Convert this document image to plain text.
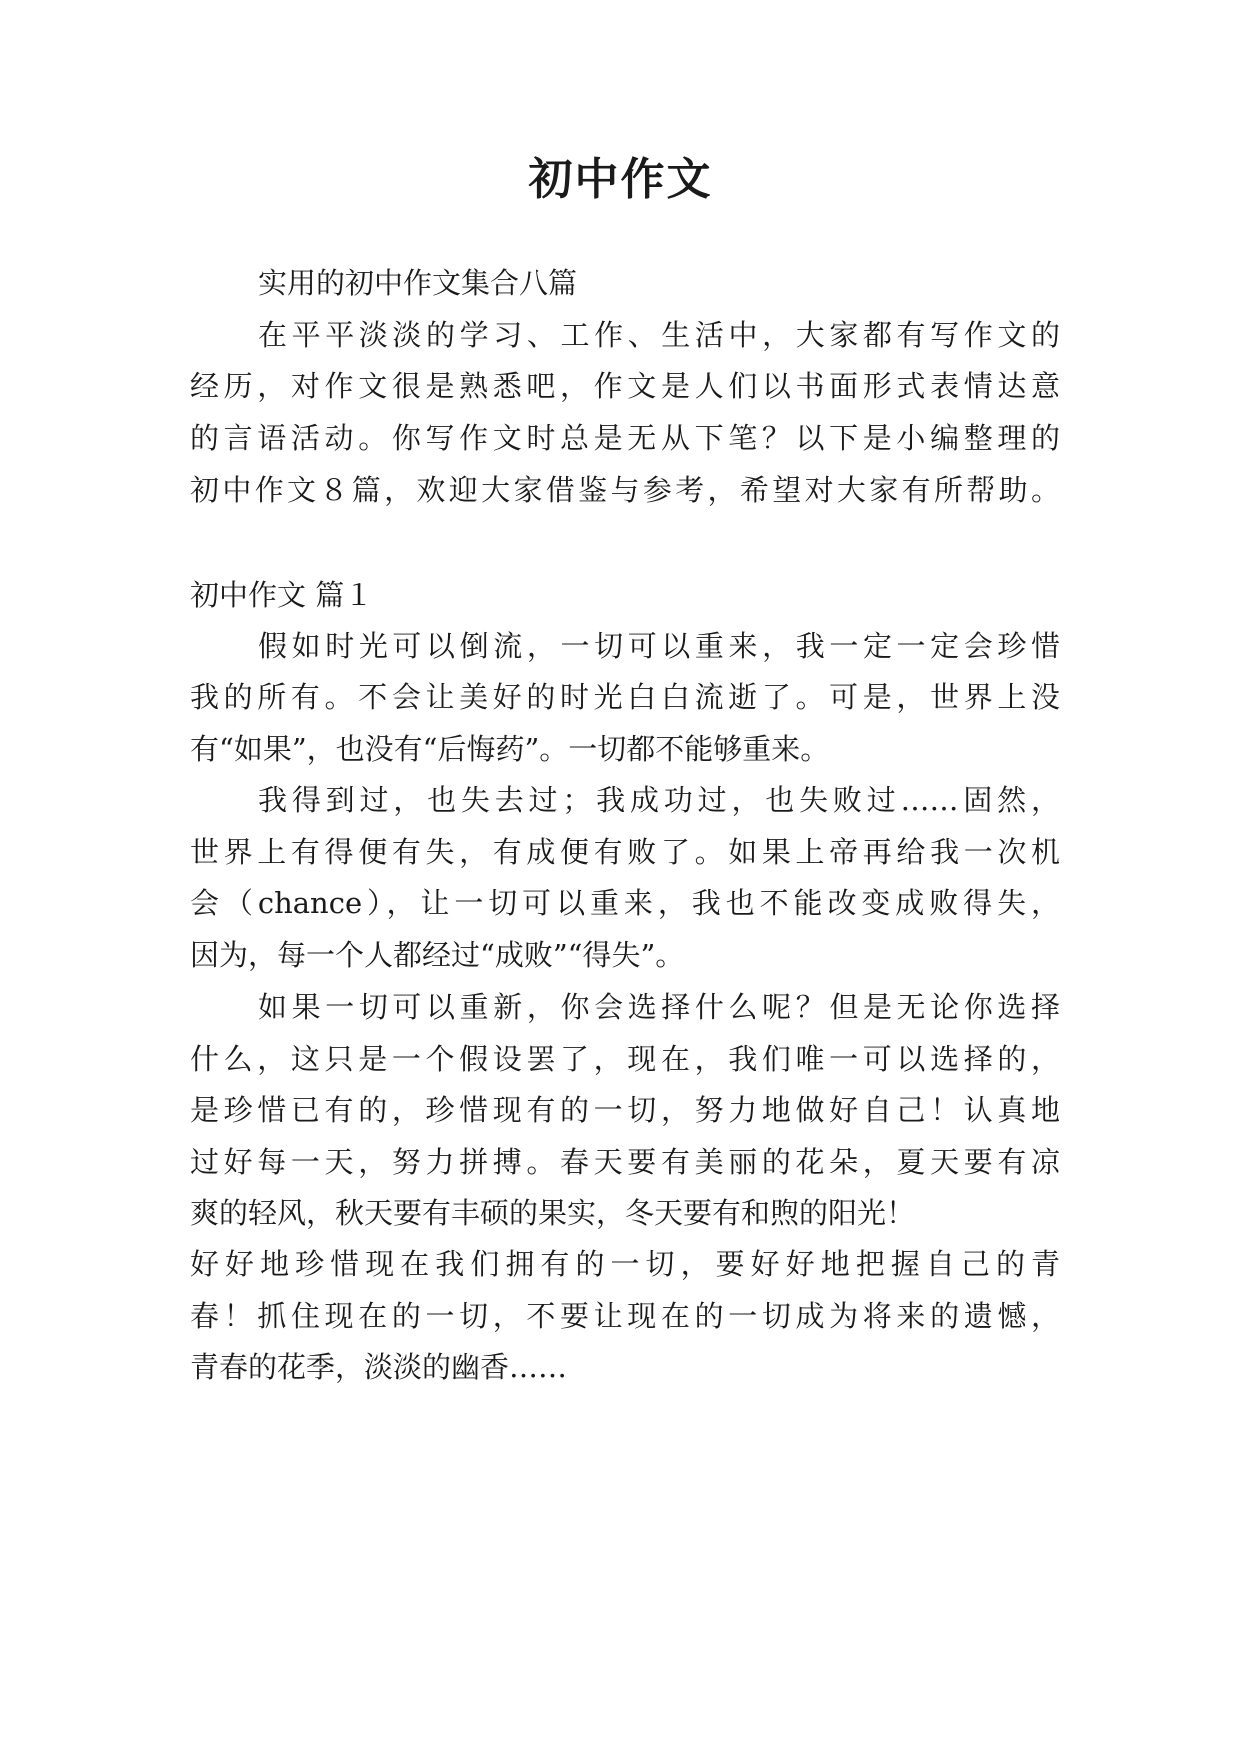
初中作文
实用的初中作文集合八篇
在平平淡淡的学习、工作、生活中，大家都有写作文的
经历，对作文很是熟悉吧，作文是人们以书面形式表情达意
的言语活动。你写作文时总是无从下笔？以下是小编整理的
初中作文８篇，欢迎大家借鉴与参考，希望对大家有所帮助。
初中作文 篇１
假如时光可以倒流，一切可以重来，我一定一定会珍惜
我的所有。不会让美好的时光白白流逝了。可是，世界上没
有“如果”，也没有“后悔药”。一切都不能够重来。
我得到过，也失去过；我成功过，也失败过……固然，
世界上有得便有失，有成便有败了。如果上帝再给我一次机
会（chance），让一切可以重来，我也不能改变成败得失，
因为，每一个人都经过“成败”“得失”。
如果一切可以重新，你会选择什么呢？但是无论你选择
什么，这只是一个假设罢了，现在，我们唯一可以选择的，
是珍惜已有的，珍惜现有的一切，努力地做好自己！认真地
过好每一天，努力拼搏。春天要有美丽的花朵，夏天要有凉
爽的轻风，秋天要有丰硕的果实，冬天要有和煦的阳光！
好好地珍惜现在我们拥有的一切，要好好地把握自己的青
春！抓住现在的一切，不要让现在的一切成为将来的遗憾，
青春的花季，淡淡的幽香……
